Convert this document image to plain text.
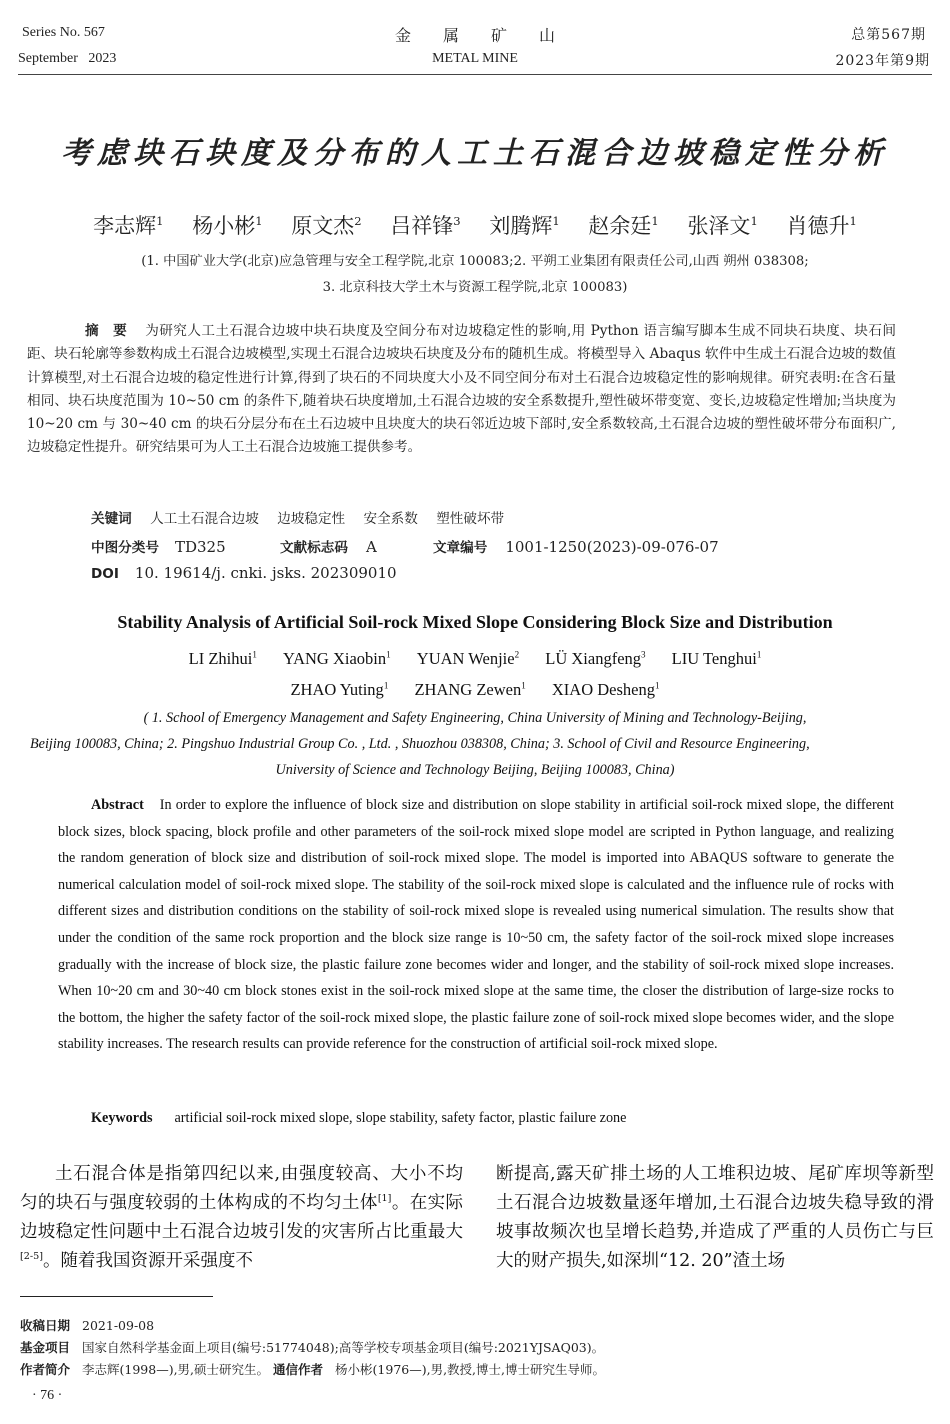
Series No. 567
September   2023
金　　属　　矿　　山
METAL MINE
总第567期
2023年第9期
考虑块石块度及分布的人工土石混合边坡稳定性分析
李志辉$^1$ 杨小彬$^1$ 原文杰$^2$ 吕祥锋$^3$ 刘腾辉$^1$ 赵余廷$^1$ 张泽文$^1$ 肖德升$^1$
(1. 中国矿业大学(北京)应急管理与安全工程学院,北京 100083;2. 平朔工业集团有限责任公司,山西 朔州 038308;
3. 北京科技大学土木与资源工程学院,北京 100083)
摘　要 为研究人工土石混合边坡中块石块度及空间分布对边坡稳定性的影响,用 Python 语言编写脚本生成不同块石块度、块石间距、块石轮廓等参数构成土石混合边坡模型,实现土石混合边坡块石块度及分布的随机生成。将模型导入 Abaqus 软件中生成土石混合边坡的数值计算模型,对土石混合边坡的稳定性进行计算,得到了块石的不同块度大小及不同空间分布对土石混合边坡稳定性的影响规律。研究表明:在含石量相同、块石块度范围为 10~50 cm 的条件下,随着块石块度增加,土石混合边坡的安全系数提升,塑性破坏带变宽、变长,边坡稳定性增加;当块度为 10~20 cm 与 30~40 cm 的块石分层分布在土石边坡中且块度大的块石邻近边坡下部时,安全系数较高,土石混合边坡的塑性破坏带分布面积广,边坡稳定性提升。研究结果可为人工土石混合边坡施工提供参考。
关键词 人工土石混合边坡 边坡稳定性 安全系数 塑性破坏带
中图分类号 TD325	文献标志码 A	文章编号 1001-1250(2023)-09-076-07
DOI 10. 19614/j. cnki. jsks. 202309010
Stability Analysis of Artificial Soil-rock Mixed Slope Considering Block Size and Distribution
LI Zhihui$^1$ YANG Xiaobin$^1$ YUAN Wenjie$^2$ LÜ Xiangfeng$^3$ LIU Tenghui$^1$
ZHAO Yuting$^1$ ZHANG Zewen$^1$ XIAO Desheng$^1$
( 1. School of Emergency Management and Safety Engineering, China University of Mining and Technology-Beijing,
Beijing 100083, China; 2. Pingshuo Industrial Group Co. , Ltd. , Shuozhou 038308, China; 3. School of Civil and Resource Engineering,
University of Science and Technology Beijing, Beijing 100083, China)
Abstract In order to explore the influence of block size and distribution on slope stability in artificial soil-rock mixed slope, the different block sizes, block spacing, block profile and other parameters of the soil-rock mixed slope model are scripted in Python language, and realizing the random generation of block size and distribution of soil-rock mixed slope. The model is imported into ABAQUS software to generate the numerical calculation model of soil-rock mixed slope. The stability of the soil-rock mixed slope is calculated and the influence rule of rocks with different sizes and distribution conditions on the stability of soil-rock mixed slope is revealed using numerical simulation. The results show that under the condition of the same rock proportion and the block size range is 10~50 cm, the safety factor of the soil-rock mixed slope increases gradually with the increase of block size, the plastic failure zone becomes wider and longer, and the stability of soil-rock mixed slope increases. When 10~20 cm and 30~40 cm block stones exist in the soil-rock mixed slope at the same time, the closer the distribution of large-size rocks to the bottom, the higher the safety factor of the soil-rock mixed slope, the plastic failure zone of soil-rock mixed slope becomes wider, and the slope stability increases. The research results can provide reference for the construction of artificial soil-rock mixed slope.
Keywords artificial soil-rock mixed slope, slope stability, safety factor, plastic failure zone
土石混合体是指第四纪以来,由强度较高、大小不均匀的块石与强度较弱的土体构成的不均匀土体[1]。在实际边坡稳定性问题中土石混合边坡引发的灾害所占比重最大[2-5]。随着我国资源开采强度不
断提高,露天矿排土场的人工堆积边坡、尾矿库坝等新型土石混合边坡数量逐年增加,土石混合边坡失稳导致的滑坡事故频次也呈增长趋势,并造成了严重的人员伤亡与巨大的财产损失,如深圳“12. 20”渣土场
收稿日期 2021-09-08
基金项目 国家自然科学基金面上项目(编号:51774048);高等学校专项基金项目(编号:2021YJSAQ03)。
作者简介 李志辉(1998—),男,硕士研究生。 通信作者 杨小彬(1976—),男,教授,博士,博士研究生导师。
· 76 ·
